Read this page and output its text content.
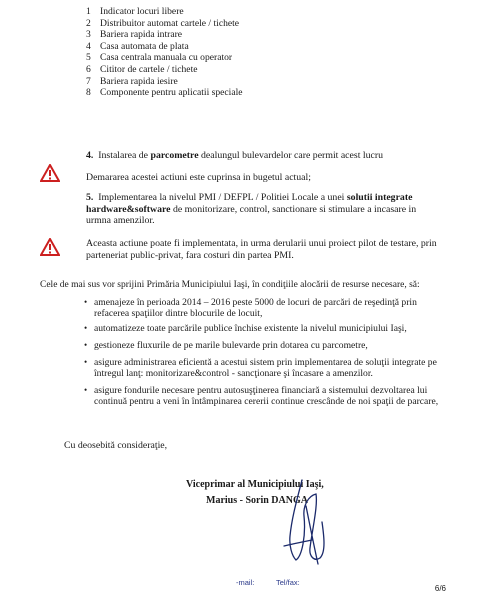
1 Indicator locuri libere
2 Distribuitor automat cartele / tichete
3 Bariera rapida intrare
4 Casa automata de plata
5 Casa centrala manuala cu operator
6 Cititor de cartele / tichete
7 Bariera rapida iesire
8 Componente pentru aplicatii speciale
4. Instalarea de parcometre dealungul bulevardelor care permit acest lucru
Demararea acestei actiuni este cuprinsa in bugetul actual;
5. Implementarea la nivelul PMI / DEFPL / Politiei Locale a unei solutii integrate hardware&software de monitorizare, control, sanctionare si stimulare a incasare in urmna amenzilor.
Aceasta actiune poate fi implementata, in urma derularii unui proiect pilot de testare, prin parteneriat public-privat, fara costuri din partea PMI.
Cele de mai sus vor sprijini Primăria Municipiului Iaşi, în condiţiile alocării de resurse necesare, să:
• amenajeze în perioada 2014 – 2016 peste 5000 de locuri de parcări de reşedinţă prin refacerea spaţiilor dintre blocurile de locuit,
• automatizeze toate parcările publice închise existente la nivelul municipiului Iaşi,
• gestioneze fluxurile de pe marile bulevarde prin dotarea cu parcometre,
• asigure administrarea eficientă a acestui sistem prin implementarea de soluţii integrate pe întregul lanţ: monitorizare&control - sancţionare şi încasare a amenzilor.
• asigure fondurile necesare pentru autosuşţinerea financiară a sistemului dezvoltarea lui continuă pentru a veni în întâmpinarea cererii continue crescânde de noi spaţii de parcare,
Cu deosebită consideraţie,
Viceprimar al Municipiului Iaşi,
Marius - Sorin DANGA
-mail:	Tel/fax:
6/6
